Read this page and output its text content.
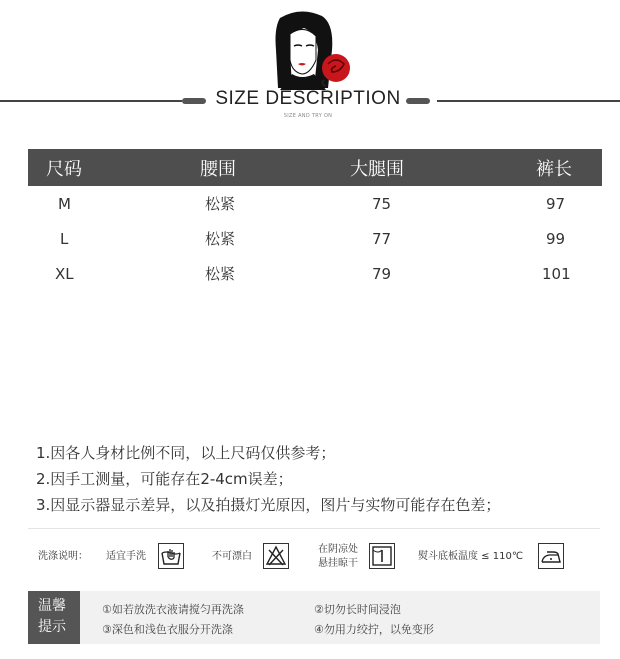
SIZE DESCRIPTION
SIZE AND TRY ON
尺码	腰围	大腿围	裤长
M	松紧	75	97
L	松紧	77	99
XL	松紧	79	101
1.因各人身材比例不同，以上尺码仅供参考；
2.因手工测量，可能存在2-4cm误差；
3.因显示器显示差异，以及拍摄灯光原因，图片与实物可能存在色差；
洗涤说明： 适宜手洗	不可漂白
在阴凉处
悬挂晾干
熨斗底板温度 ≤ 110℃
温馨
提示
①如若放洗衣液请搅匀再洗涤	②切勿长时间浸泡
③深色和浅色衣服分开洗涤	④勿用力绞拧，以免变形
